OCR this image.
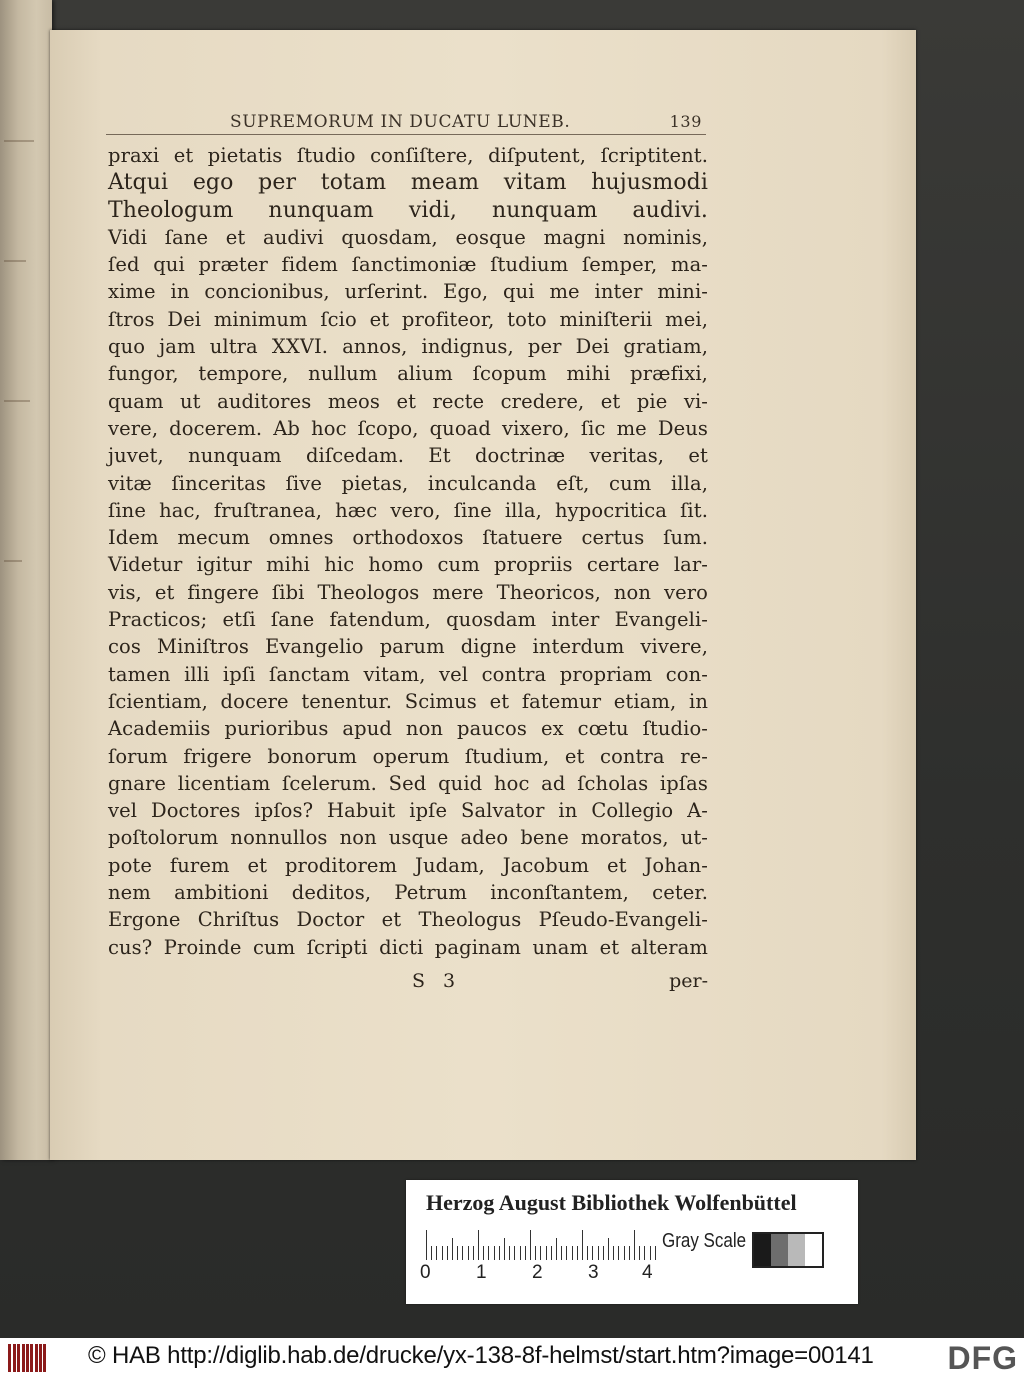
SUPREMORUM IN DUCATU LUNEB.	139
praxi et pietatis ſtudio conſiſtere, diſputent, ſcriptitent.
Atqui ego per totam meam vitam hujusmodi
Theologum nunquam vidi, nunquam audivi.
Vidi ſane et audivi quosdam, eosque magni nominis,
ſed qui præter fidem ſanctimoniæ ſtudium ſemper, ma-
xime in concionibus, urſerint. Ego, qui me inter mini-
ſtros Dei minimum ſcio et profiteor, toto miniſterii mei,
quo jam ultra XXVI. annos, indignus, per Dei gratiam,
fungor, tempore, nullum alium ſcopum mihi præfixi,
quam ut auditores meos et recte credere, et pie vi-
vere, docerem. Ab hoc ſcopo, quoad vixero, ſic me Deus
juvet, nunquam diſcedam. Et doctrinæ veritas, et
vitæ ſinceritas ſive pietas, inculcanda eſt, cum illa,
ſine hac, fruſtranea, hæc vero, ſine illa, hypocritica ſit.
Idem mecum omnes orthodoxos ſtatuere certus ſum.
Videtur igitur mihi hic homo cum propriis certare lar-
vis, et fingere ſibi Theologos mere Theoricos, non vero
Practicos; etſi ſane fatendum, quosdam inter Evangeli-
cos Miniſtros Evangelio parum digne interdum vivere,
tamen illi ipſi ſanctam vitam, vel contra propriam con-
ſcientiam, docere tenentur. Scimus et fatemur etiam, in
Academiis purioribus apud non paucos ex cœtu ſtudio-
ſorum frigere bonorum operum ſtudium, et contra re-
gnare licentiam ſcelerum. Sed quid hoc ad ſcholas ipſas
vel Doctores ipſos? Habuit ipſe Salvator in Collegio A-
poſtolorum nonnullos non usque adeo bene moratos, ut-
pote furem et proditorem Judam, Jacobum et Johan-
nem ambitioni deditos, Petrum inconſtantem, ceter.
Ergone Chriſtus Doctor et Theologus Pſeudo-Evangeli-
cus? Proinde cum ſcripti dicti paginam unam et alteram
S 3	per-
Herzog August Bibliothek Wolfenbüttel
0 1 2 3 4
Gray Scale
© HAB http://diglib.hab.de/drucke/yx-138-8f-helmst/start.htm?image=00141 DFG
